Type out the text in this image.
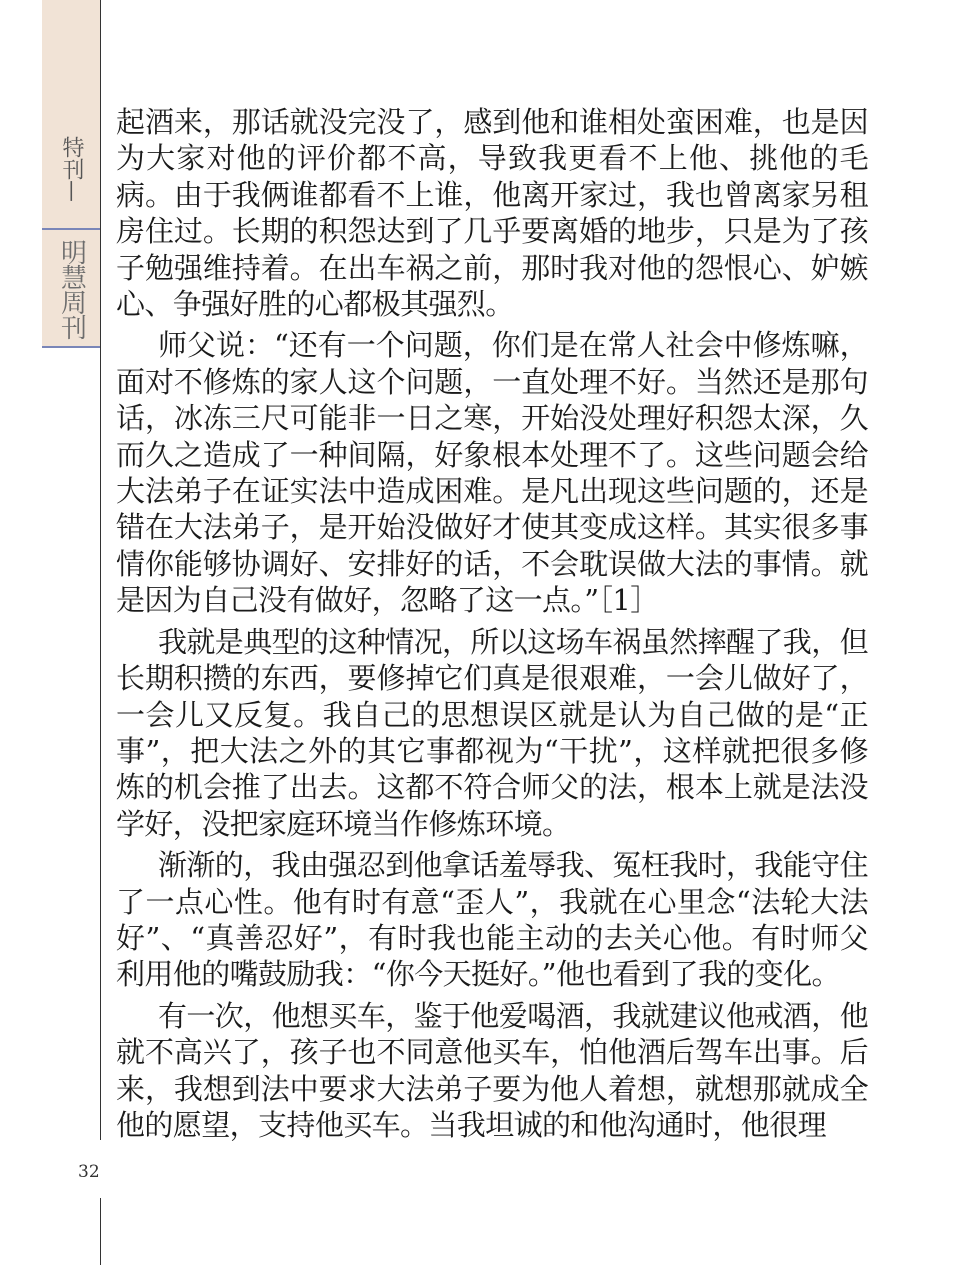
特刊—
明慧周刊
32

起酒来，那话就没完没了，感到他和谁相处蛮困难，也是因为大家对他的评价都不高，导致我更看不上他、挑他的毛病。由于我俩谁都看不上谁，他离开家过，我也曾离家另租房住过。长期的积怨达到了几乎要离婚的地步，只是为了孩子勉强维持着。在出车祸之前，那时我对他的怨恨心、妒嫉心、争强好胜的心都极其强烈。

师父说：“还有一个问题，你们是在常人社会中修炼嘛，面对不修炼的家人这个问题，一直处理不好。当然还是那句话，冰冻三尺可能非一日之寒，开始没处理好积怨太深，久而久之造成了一种间隔，好象根本处理不了。这些问题会给大法弟子在证实法中造成困难。是凡出现这些问题的，还是错在大法弟子，是开始没做好才使其变成这样。其实很多事情你能够协调好、安排好的话，不会耽误做大法的事情。就是因为自己没有做好，忽略了这一点。”［1］

我就是典型的这种情况，所以这场车祸虽然摔醒了我，但长期积攒的东西，要修掉它们真是很艰难，一会儿做好了，一会儿又反复。我自己的思想误区就是认为自己做的是“正事”，把大法之外的其它事都视为“干扰”，这样就把很多修炼的机会推了出去。这都不符合师父的法，根本上就是法没学好，没把家庭环境当作修炼环境。

渐渐的，我由强忍到他拿话羞辱我、冤枉我时，我能守住了一点心性。他有时有意“歪人”，我就在心里念“法轮大法好”、“真善忍好”，有时我也能主动的去关心他。有时师父利用他的嘴鼓励我：“你今天挺好。”他也看到了我的变化。

有一次，他想买车，鉴于他爱喝酒，我就建议他戒酒，他就不高兴了，孩子也不同意他买车，怕他酒后驾车出事。后来，我想到法中要求大法弟子要为他人着想，就想那就成全他的愿望，支持他买车。当我坦诚的和他沟通时，他很理
